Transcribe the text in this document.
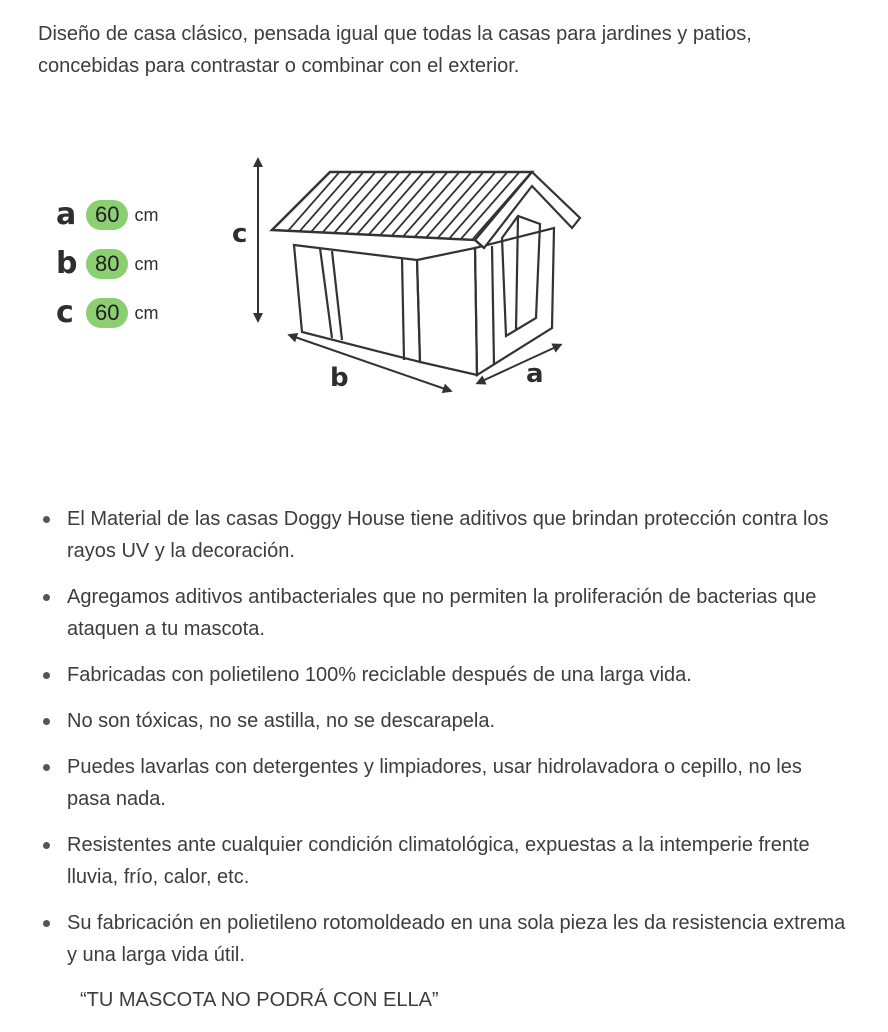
Diseño de casa clásico, pensada igual que todas la casas para jardines y patios, concebidas para contrastar o combinar con el exterior.

a 60 cm
b 80 cm
c 60 cm
c
b	a
El Material de las casas Doggy House tiene aditivos que brindan protección contra los rayos UV y la decoración.
Agregamos aditivos antibacteriales que no permiten la proliferación de bacterias que ataquen a tu mascota.
Fabricadas con polietileno 100% reciclable después de una larga vida.
No son tóxicas, no se astilla, no se descarapela.
Puedes lavarlas con detergentes y limpiadores, usar hidrolavadora o cepillo, no les pasa nada.
Resistentes ante cualquier condición climatológica, expuestas a la intemperie frente lluvia, frío, calor, etc.
Su fabricación en polietileno rotomoldeado en una sola pieza les da resistencia extrema y una larga vida útil.

“TU MASCOTA NO PODRÁ CON ELLA”
